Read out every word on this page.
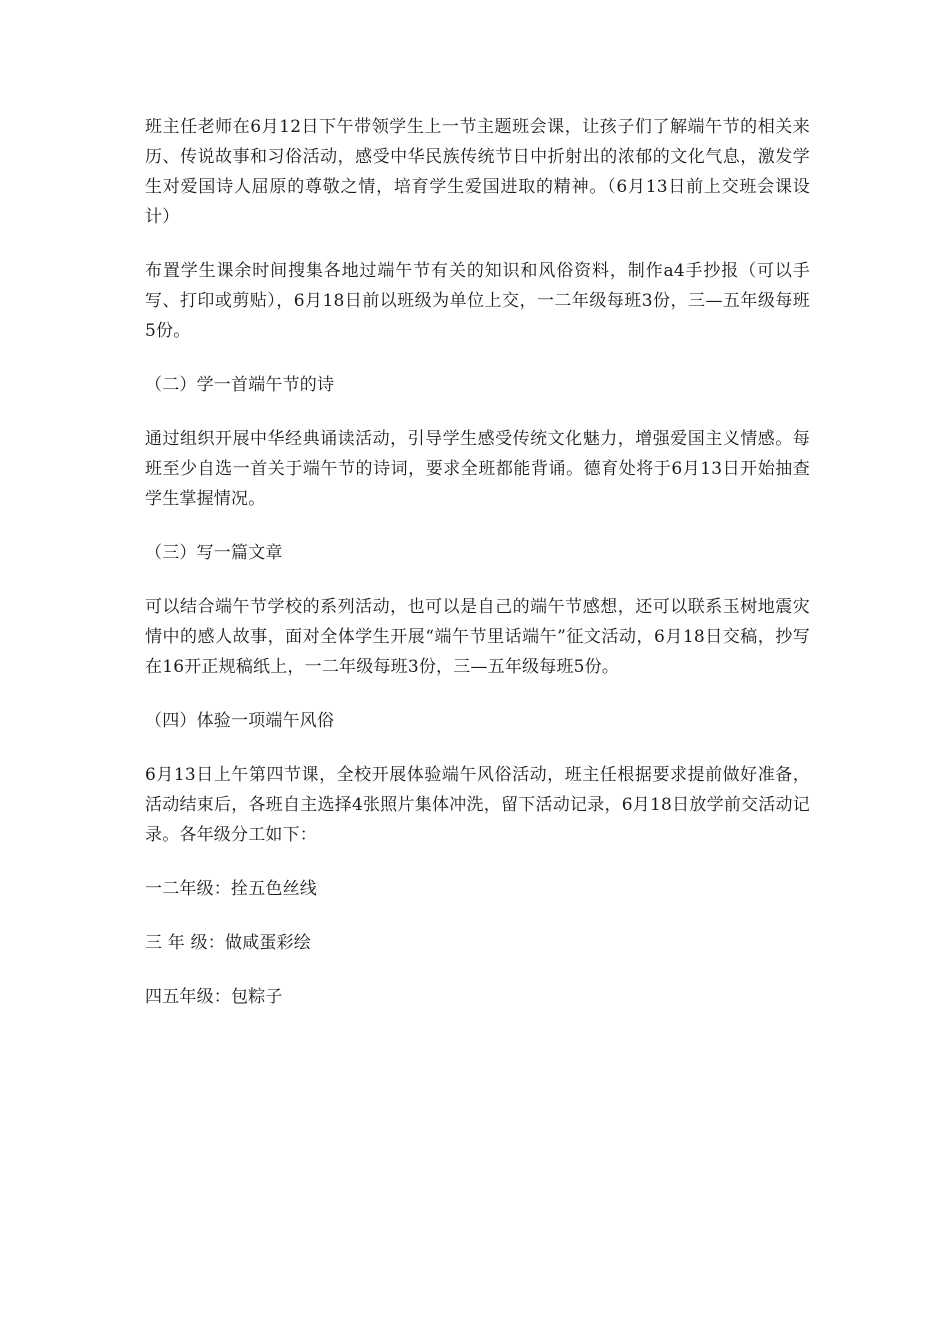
班主任老师在6月12日下午带领学生上一节主题班会课，让孩子们了解端午节的相关来历、传说故事和习俗活动，感受中华民族传统节日中折射出的浓郁的文化气息，激发学生对爱国诗人屈原的尊敬之情，培育学生爱国进取的精神。（6月13日前上交班会课设计）

布置学生课余时间搜集各地过端午节有关的知识和风俗资料，制作a4手抄报（可以手写、打印或剪贴），6月18日前以班级为单位上交，一二年级每班3份，三—五年级每班5份。

（二）学一首端午节的诗

通过组织开展中华经典诵读活动，引导学生感受传统文化魅力，增强爱国主义情感。每班至少自选一首关于端午节的诗词，要求全班都能背诵。德育处将于6月13日开始抽查学生掌握情况。

（三）写一篇文章

可以结合端午节学校的系列活动，也可以是自己的端午节感想，还可以联系玉树地震灾情中的感人故事，面对全体学生开展“端午节里话端午”征文活动，6月18日交稿，抄写在16开正规稿纸上，一二年级每班3份，三—五年级每班5份。

（四）体验一项端午风俗

6月13日上午第四节课，全校开展体验端午风俗活动，班主任根据要求提前做好准备，活动结束后，各班自主选择4张照片集体冲洗，留下活动记录，6月18日放学前交活动记录。各年级分工如下：

一二年级：拴五色丝线

三 年 级：做咸蛋彩绘

四五年级：包粽子
